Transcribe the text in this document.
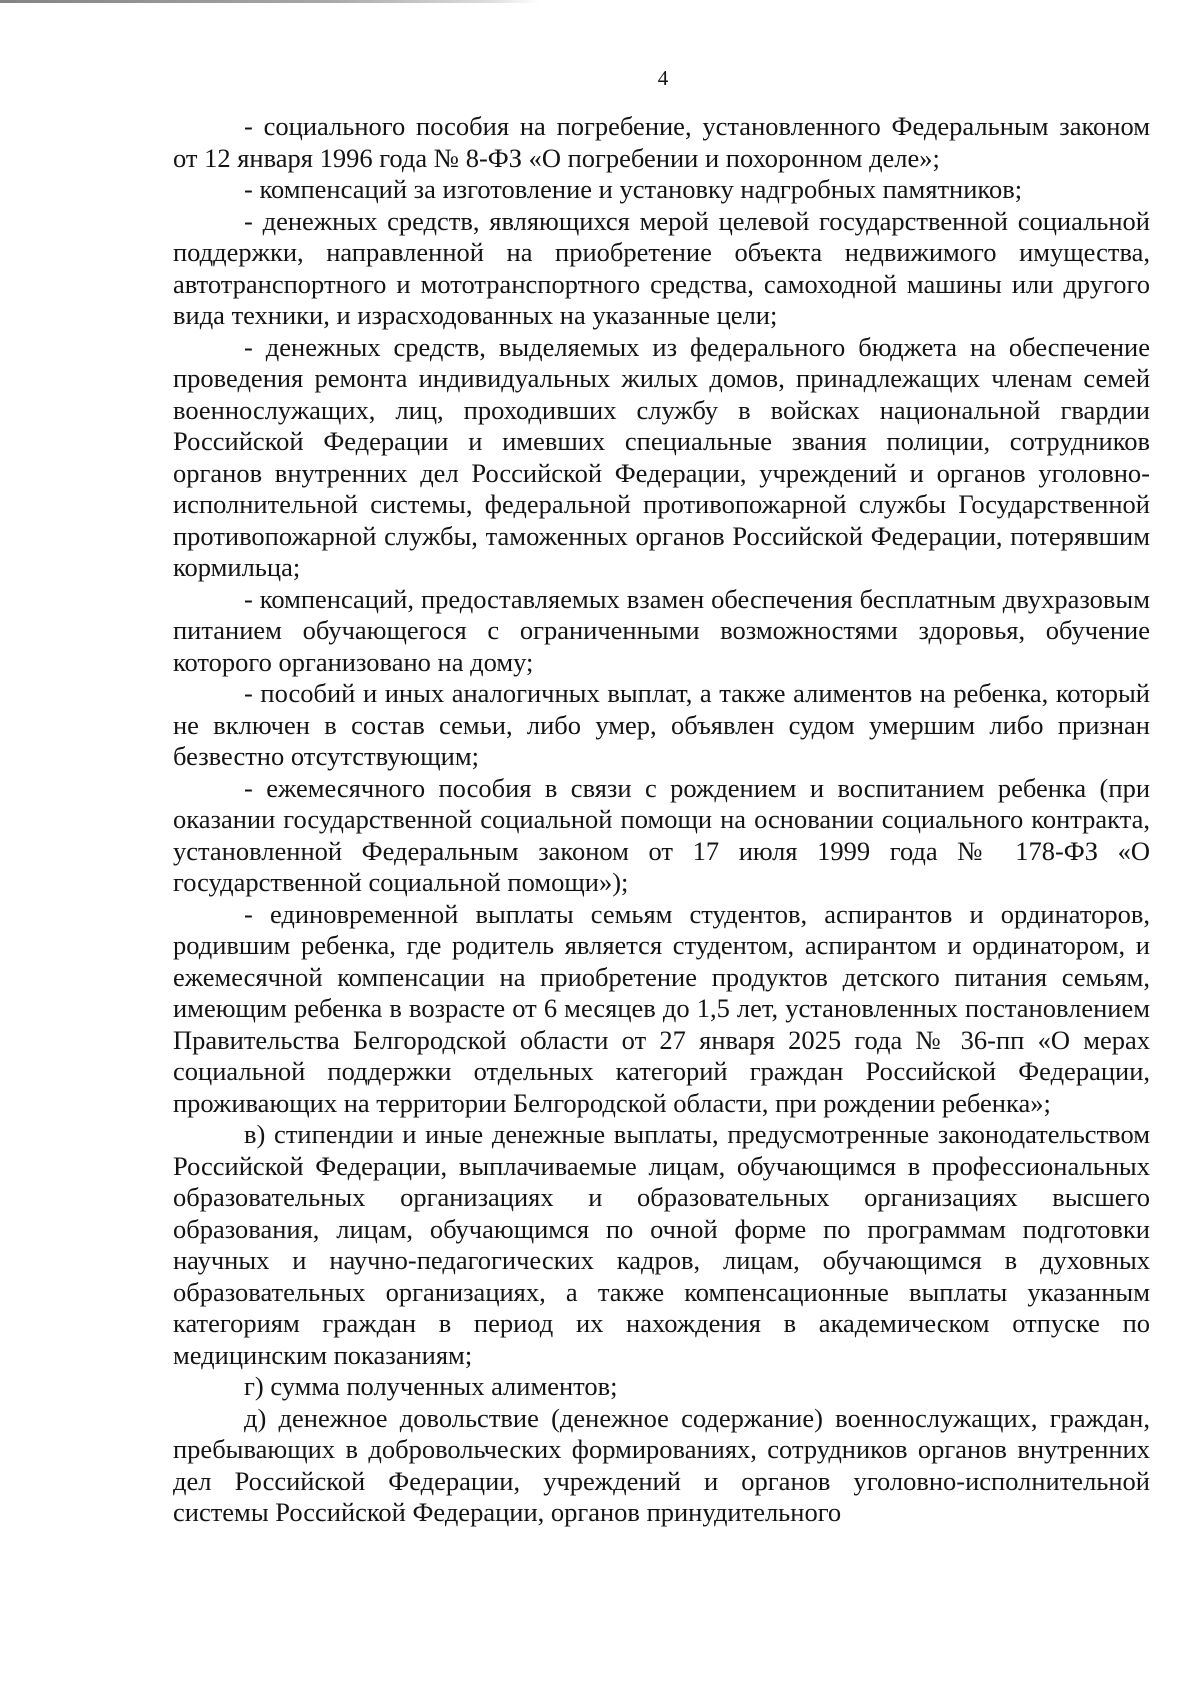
4

- социального пособия на погребение, установленного Федеральным законом от 12 января 1996 года № 8-ФЗ «О погребении и похоронном деле»;

- компенсаций за изготовление и установку надгробных памятников;

- денежных средств, являющихся мерой целевой государственной социальной поддержки, направленной на приобретение объекта недвижимого имущества, автотранспортного и мототранспортного средства, самоходной машины или другого вида техники, и израсходованных на указанные цели;

- денежных средств, выделяемых из федерального бюджета на обеспечение проведения ремонта индивидуальных жилых домов, принадлежащих членам семей военнослужащих, лиц, проходивших службу в войсках национальной гвардии Российской Федерации и имевших специальные звания полиции, сотрудников органов внутренних дел Российской Федерации, учреждений и органов уголовно-исполнительной системы, федеральной противопожарной службы Государственной противопожарной службы, таможенных органов Российской Федерации, потерявшим кормильца;

- компенсаций, предоставляемых взамен обеспечения бесплатным двухразовым питанием обучающегося с ограниченными возможностями здоровья, обучение которого организовано на дому;

- пособий и иных аналогичных выплат, а также алиментов на ребенка, который не включен в состав семьи, либо умер, объявлен судом умершим либо признан безвестно отсутствующим;

- ежемесячного пособия в связи с рождением и воспитанием ребенка (при оказании государственной социальной помощи на основании социального контракта, установленной Федеральным законом от 17 июля 1999 года № 178-ФЗ «О государственной социальной помощи»);

- единовременной выплаты семьям студентов, аспирантов и ординаторов, родившим ребенка, где родитель является студентом, аспирантом и ординатором, и ежемесячной компенсации на приобретение продуктов детского питания семьям, имеющим ребенка в возрасте от 6 месяцев до 1,5 лет, установленных постановлением Правительства Белгородской области от 27 января 2025 года № 36-пп «О мерах социальной поддержки отдельных категорий граждан Российской Федерации, проживающих на территории Белгородской области, при рождении ребенка»;

в) стипендии и иные денежные выплаты, предусмотренные законодательством Российской Федерации, выплачиваемые лицам, обучающимся в профессиональных образовательных организациях и образовательных организациях высшего образования, лицам, обучающимся по очной форме по программам подготовки научных и научно-педагогических кадров, лицам, обучающимся в духовных образовательных организациях, а также компенсационные выплаты указанным категориям граждан в период их нахождения в академическом отпуске по медицинским показаниям;

г) сумма полученных алиментов;

д) денежное довольствие (денежное содержание) военнослужащих, граждан, пребывающих в добровольческих формированиях, сотрудников органов внутренних дел Российской Федерации, учреждений и органов уголовно-исполнительной системы Российской Федерации, органов принудительного
